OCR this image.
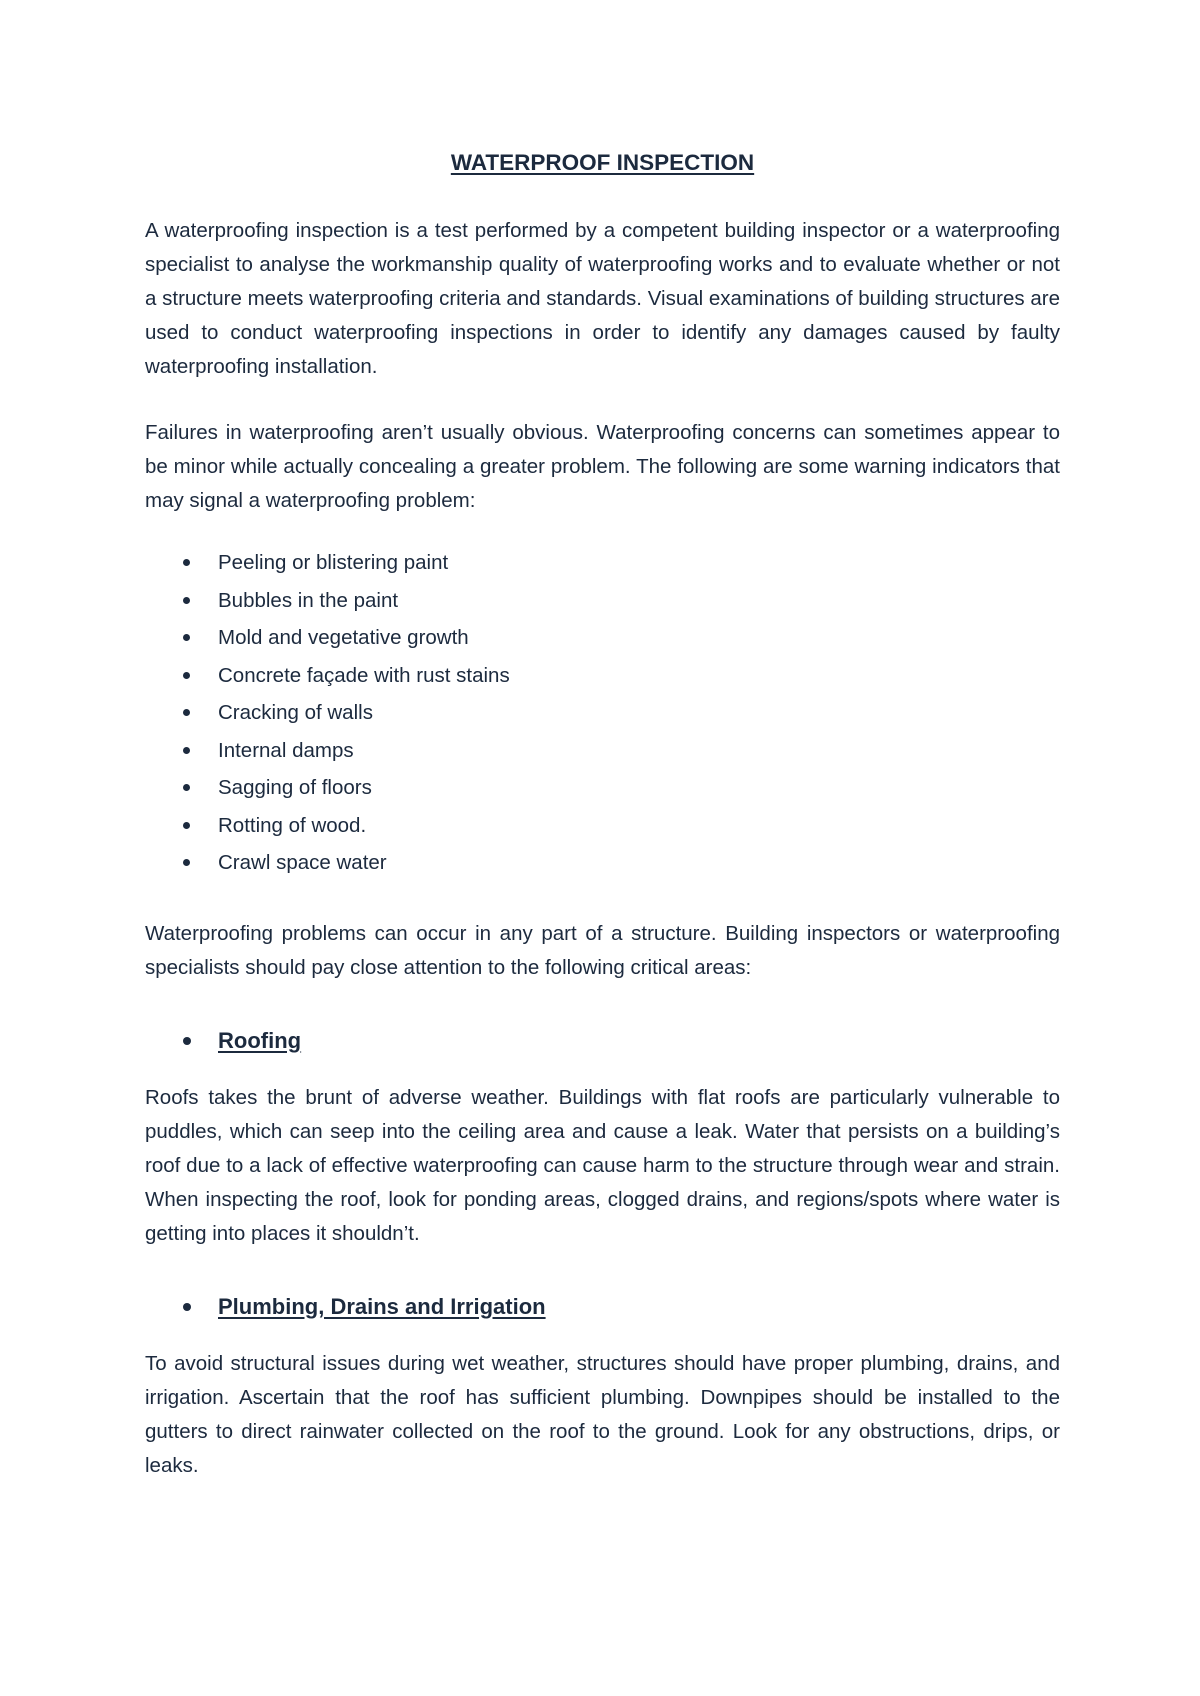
WATERPROOF INSPECTION

A waterproofing inspection is a test performed by a competent building inspector or a waterproofing specialist to analyse the workmanship quality of waterproofing works and to evaluate whether or not a structure meets waterproofing criteria and standards. Visual examinations of building structures are used to conduct waterproofing inspections in order to identify any damages caused by faulty waterproofing installation.

Failures in waterproofing aren’t usually obvious. Waterproofing concerns can sometimes appear to be minor while actually concealing a greater problem. The following are some warning indicators that may signal a waterproofing problem:

Peeling or blistering paint
Bubbles in the paint
Mold and vegetative growth
Concrete façade with rust stains
Cracking of walls
Internal damps
Sagging of floors
Rotting of wood.
Crawl space water

Waterproofing problems can occur in any part of a structure. Building inspectors or waterproofing specialists should pay close attention to the following critical areas:

Roofing

Roofs takes the brunt of adverse weather. Buildings with flat roofs are particularly vulnerable to puddles, which can seep into the ceiling area and cause a leak. Water that persists on a building’s roof due to a lack of effective waterproofing can cause harm to the structure through wear and strain. When inspecting the roof, look for ponding areas, clogged drains, and regions/spots where water is getting into places it shouldn’t.

Plumbing, Drains and Irrigation

To avoid structural issues during wet weather, structures should have proper plumbing, drains, and irrigation. Ascertain that the roof has sufficient plumbing. Downpipes should be installed to the gutters to direct rainwater collected on the roof to the ground. Look for any obstructions, drips, or leaks.
